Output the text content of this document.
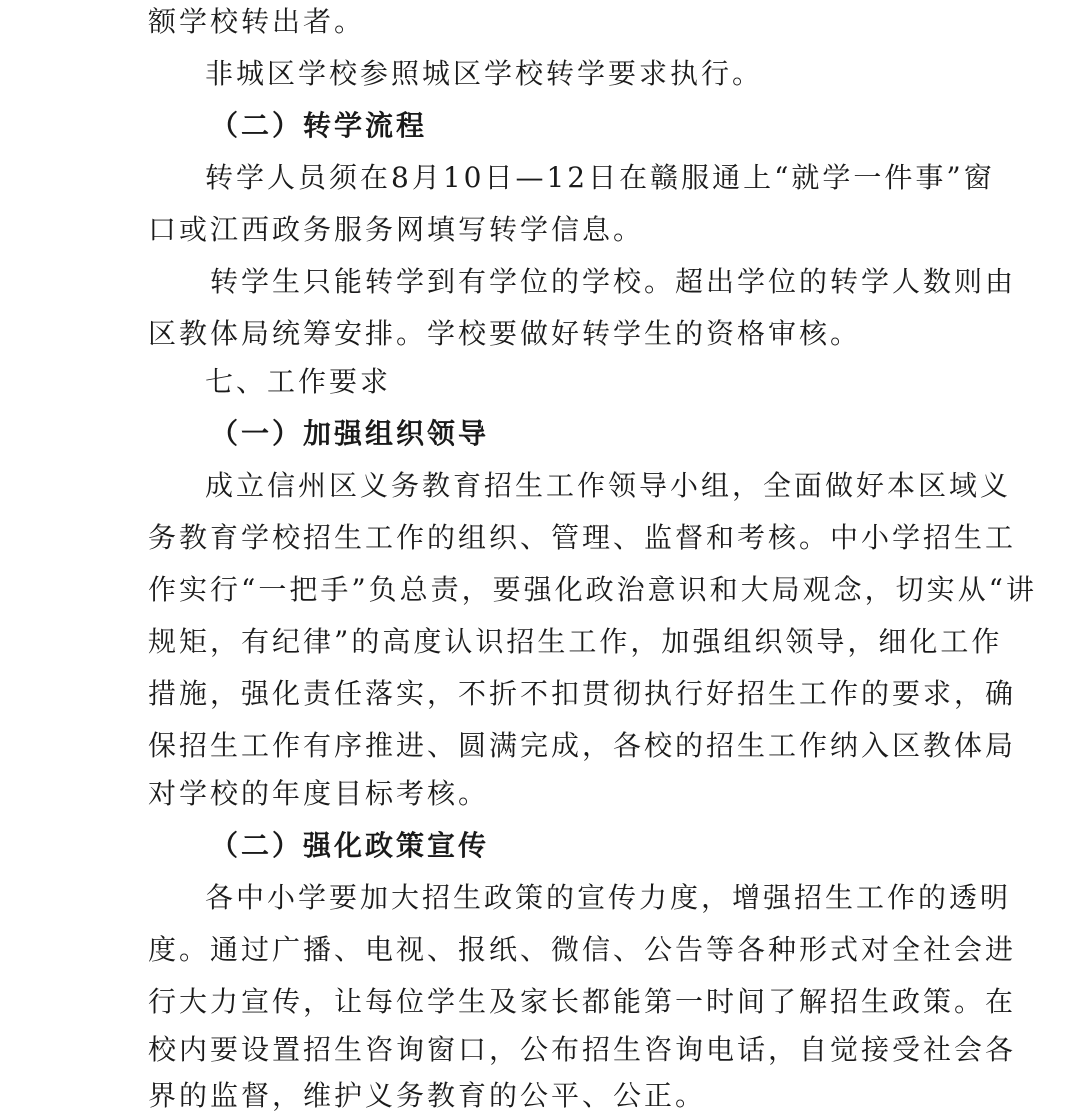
额学校转出者。
非城区学校参照城区学校转学要求执行。
（二）转学流程
转学人员须在8月10日—12日在赣服通上“就学一件事”窗
口或江西政务服务网填写转学信息。
转学生只能转学到有学位的学校。超出学位的转学人数则由
区教体局统筹安排。学校要做好转学生的资格审核。
七、工作要求
（一）加强组织领导
成立信州区义务教育招生工作领导小组，全面做好本区域义
务教育学校招生工作的组织、管理、监督和考核。中小学招生工
作实行“一把手”负总责，要强化政治意识和大局观念，切实从“讲
规矩，有纪律”的高度认识招生工作，加强组织领导，细化工作
措施，强化责任落实，不折不扣贯彻执行好招生工作的要求，确
保招生工作有序推进、圆满完成，各校的招生工作纳入区教体局
对学校的年度目标考核。
（二）强化政策宣传
各中小学要加大招生政策的宣传力度，增强招生工作的透明
度。通过广播、电视、报纸、微信、公告等各种形式对全社会进
行大力宣传，让每位学生及家长都能第一时间了解招生政策。在
校内要设置招生咨询窗口，公布招生咨询电话，自觉接受社会各
界的监督，维护义务教育的公平、公正。
